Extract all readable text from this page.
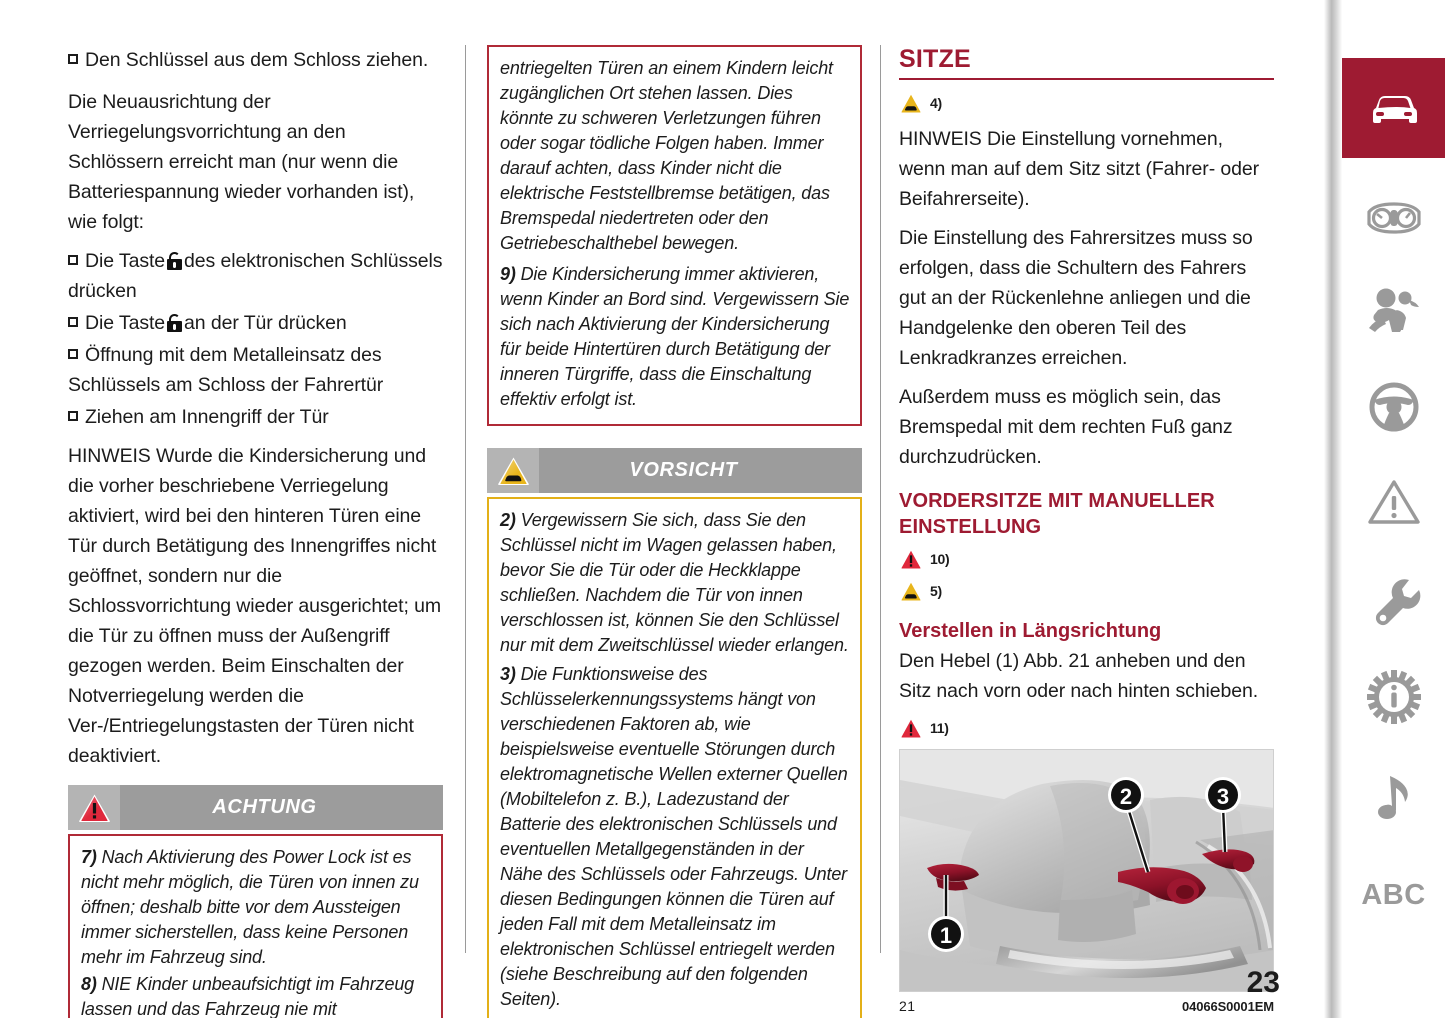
Den Schlüssel aus dem Schloss ziehen.

Die Neuausrichtung der Verriegelungsvorrichtung an den Schlössern erreicht man (nur wenn die Batteriespannung wieder vorhanden ist), wie folgt:

Die Taste des elektronischen Schlüssels drücken
Die Taste an der Tür drücken
Öffnung mit dem Metalleinsatz des Schlüssels am Schloss der Fahrertür
Ziehen am Innengriff der Tür

HINWEIS Wurde die Kindersicherung und die vorher beschriebene Verriegelung aktiviert, wird bei den hinteren Türen eine Tür durch Betätigung des Innengriffes nicht geöffnet, sondern nur die Schlossvorrichtung wieder ausgerichtet; um die Tür zu öffnen muss der Außengriff gezogen werden. Beim Einschalten der Notverriegelung werden die Ver-/Entriegelungstasten der Türen nicht deaktiviert.

ACHTUNG

7) Nach Aktivierung des Power Lock ist es nicht mehr möglich, die Türen von innen zu öffnen; deshalb bitte vor dem Aussteigen immer sicherstellen, dass keine Personen mehr im Fahrzeug sind.

8) NIE Kinder unbeaufsichtigt im Fahrzeug lassen und das Fahrzeug nie mit

entriegelten Türen an einem Kindern leicht zugänglichen Ort stehen lassen. Dies könnte zu schweren Verletzungen führen oder sogar tödliche Folgen haben. Immer darauf achten, dass Kinder nicht die elektrische Feststellbremse betätigen, das Bremspedal niedertreten oder den Getriebeschalthebel bewegen.

9) Die Kindersicherung immer aktivieren, wenn Kinder an Bord sind. Vergewissern Sie sich nach Aktivierung der Kindersicherung für beide Hintertüren durch Betätigung der inneren Türgriffe, dass die Einschaltung effektiv erfolgt ist.

VORSICHT

2) Vergewissern Sie sich, dass Sie den Schlüssel nicht im Wagen gelassen haben, bevor Sie die Tür oder die Heckklappe schließen. Nachdem die Tür von innen verschlossen ist, können Sie den Schlüssel nur mit dem Zweitschlüssel wieder erlangen.

3) Die Funktionsweise des Schlüsselerkennungssystems hängt von verschiedenen Faktoren ab, wie beispielsweise eventuelle Störungen durch elektromagnetische Wellen externer Quellen (Mobiltelefon z. B.), Ladezustand der Batterie des elektronischen Schlüssels und eventuellen Metallgegenständen in der Nähe des Schlüssels oder Fahrzeugs. Unter diesen Bedingungen können die Türen auf jeden Fall mit dem Metalleinsatz im elektronischen Schlüssel entriegelt werden (siehe Beschreibung auf den folgenden Seiten).

SITZE
4)

HINWEIS Die Einstellung vornehmen, wenn man auf dem Sitz sitzt (Fahrer- oder Beifahrerseite).

Die Einstellung des Fahrersitzes muss so erfolgen, dass die Schultern des Fahrers gut an der Rückenlehne anliegen und die Handgelenke den oberen Teil des Lenkradkranzes erreichen.

Außerdem muss es möglich sein, das Bremspedal mit dem rechten Fuß ganz durchzudrücken.

VORDERSITZE MIT MANUELLER EINSTELLUNG
10)
5)
Verstellen in Längsrichtung

Den Hebel (1) Abb. 21 anheben und den Sitz nach vorn oder nach hinten schieben.

11)
1
2	3
21	04066S0001EM
23
ABC
